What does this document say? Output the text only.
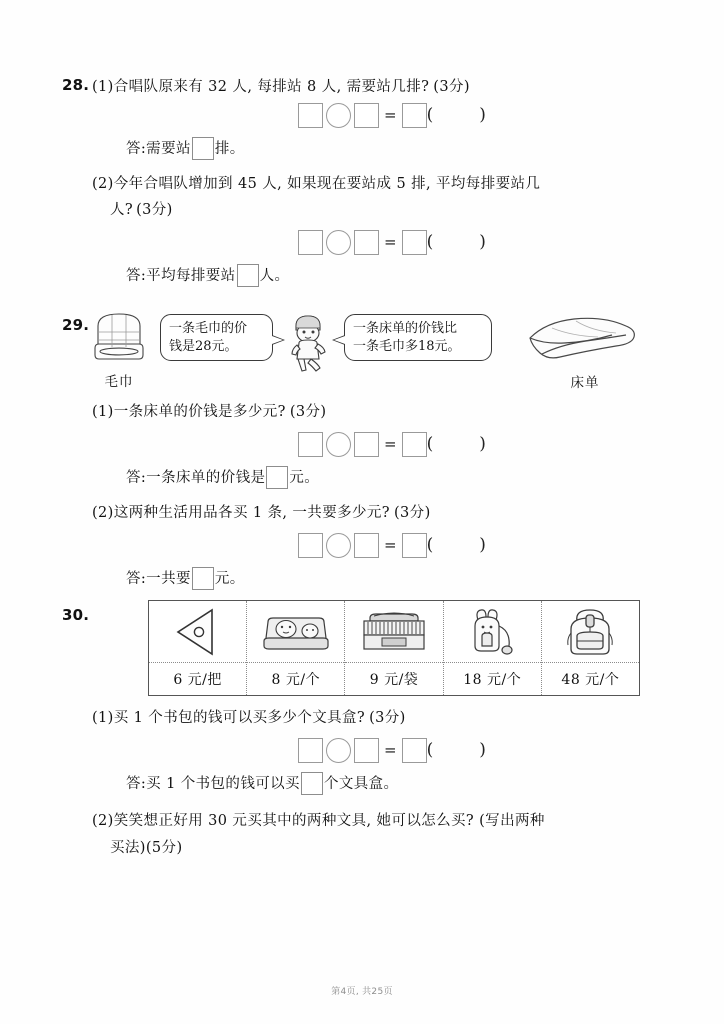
28. (1) 合唱队原来有 32 人, 每排站 8 人, 需要站几排? (3分)
= (	)
答:需要站 排。
(2)今年合唱队增加到 45 人, 如果现在要站成 5 排, 平均每排要站几
人? (3分)
= (	)
答:平均每排要站 人。
29.
毛巾
一条毛巾的价
钱是28元。
一条床单的价钱比
一条毛巾多18元。
床单
(1)一条床单的价钱是多少元? (3分)
= (	)
答:一条床单的价钱是 元。
(2)这两种生活用品各买 1 条, 一共要多少元? (3分)
= (	)
答:一共要 元。
30.
6 元/把	8 元/个	9 元/袋	18 元/个	48 元/个
(1)买 1 个书包的钱可以买多少个文具盒? (3分)
= (	)
答:买 1 个书包的钱可以买 个文具盒。
(2)笑笑想正好用 30 元买其中的两种文具, 她可以怎么买? (写出两种
买法)(5分)
第4页, 共25页
